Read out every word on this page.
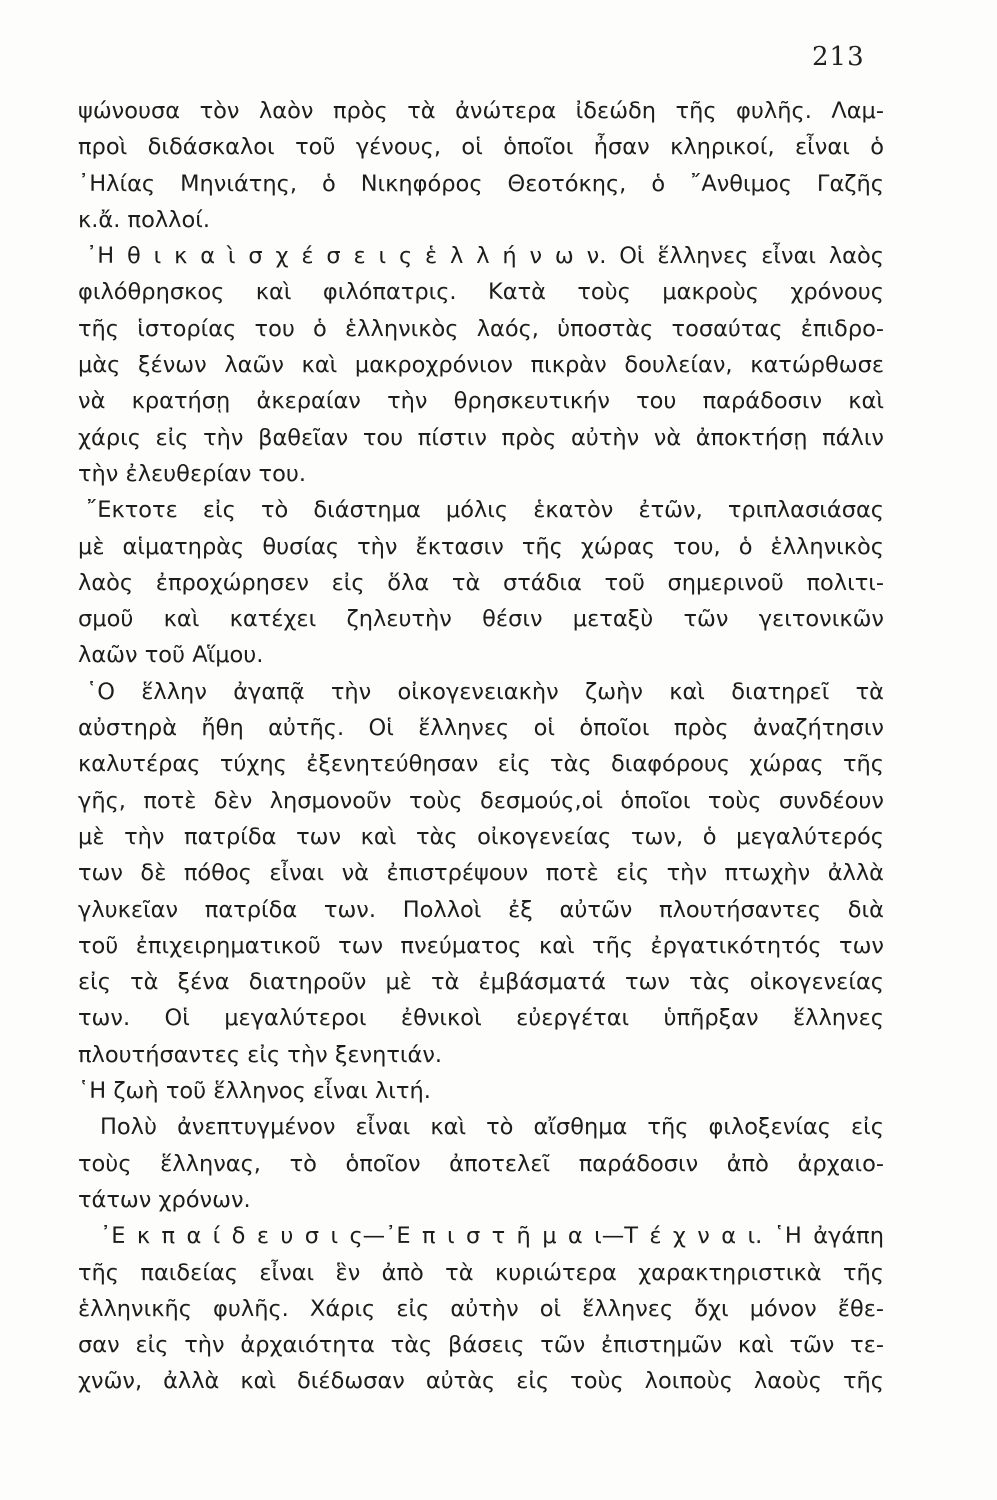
213
ψώνουσα τὸν λαὸν πρὸς τὰ ἀνώτερα ἰδεώδη τῆς φυλῆς. Λαμ-
προὶ διδάσκαλοι τοῦ γένους, οἱ ὁποῖοι ἦσαν κληρικοί, εἶναι ὁ
᾿Ηλίας Μηνιάτης, ὁ Νικηφόρος Θεοτόκης, ὁ ῎Ανθιμος Γαζῆς
κ.ἄ. πολλοί.
᾿Η θ ι κ α ὶ σ χ έ σ ε ι ς ἑ λ λ ή ν ω ν. Οἱ ἕλληνες εἶναι λαὸς
φιλόθρησκος καὶ φιλόπατρις. Κατὰ τοὺς μακροὺς χρόνους
τῆς ἱστορίας του ὁ ἑλληνικὸς λαός, ὑποστὰς τοσαύτας ἐπιδρο-
μὰς ξένων λαῶν καὶ μακροχρόνιον πικρὰν δουλείαν, κατώρθωσε
νὰ κρατήσῃ ἀκεραίαν τὴν θρησκευτικήν του παράδοσιν καὶ
χάρις εἰς τὴν βαθεῖαν του πίστιν πρὸς αὐτὴν νὰ ἀποκτήσῃ πάλιν
τὴν ἐλευθερίαν του.
῎Εκτοτε εἰς τὸ διάστημα μόλις ἑκατὸν ἐτῶν, τριπλασιάσας
μὲ αἱματηρὰς θυσίας τὴν ἔκτασιν τῆς χώρας του, ὁ ἑλληνικὸς
λαὸς ἐπροχώρησεν εἰς ὅλα τὰ στάδια τοῦ σημερινοῦ πολιτι-
σμοῦ καὶ κατέχει ζηλευτὴν θέσιν μεταξὺ τῶν γειτονικῶν
λαῶν τοῦ Αἵμου.
῾Ο ἕλλην ἀγαπᾷ τὴν οἰκογενειακὴν ζωὴν καὶ διατηρεῖ τὰ
αὐστηρὰ ἤθη αὐτῆς. Οἱ ἕλληνες οἱ ὁποῖοι πρὸς ἀναζήτησιν
καλυτέρας τύχης ἐξενητεύθησαν εἰς τὰς διαφόρους χώρας τῆς
γῆς, ποτὲ δὲν λησμονοῦν τοὺς δεσμούς,οἱ ὁποῖοι τοὺς συνδέουν
μὲ τὴν πατρίδα των καὶ τὰς οἰκογενείας των, ὁ μεγαλύτερός
των δὲ πόθος εἶναι νὰ ἐπιστρέψουν ποτὲ εἰς τὴν πτωχὴν ἀλλὰ
γλυκεῖαν πατρίδα των. Πολλοὶ ἐξ αὐτῶν πλουτήσαντες διὰ
τοῦ ἐπιχειρηματικοῦ των πνεύματος καὶ τῆς ἐργατικότητός των
εἰς τὰ ξένα διατηροῦν μὲ τὰ ἐμβάσματά των τὰς οἰκογενείας
των. Οἱ μεγαλύτεροι ἐθνικοὶ εὐεργέται ὑπῆρξαν ἕλληνες
πλουτήσαντες εἰς τὴν ξενητιάν.
῾Η ζωὴ τοῦ ἕλληνος εἶναι λιτή.
Πολὺ ἀνεπτυγμένον εἶναι καὶ τὸ αἴσθημα τῆς φιλοξενίας εἰς
τοὺς ἕλληνας, τὸ ὁποῖον ἀποτελεῖ παράδοσιν ἀπὸ ἀρχαιο-
τάτων χρόνων.
᾿Ε κ π α ί δ ε υ σ ι ς—᾿Ε π ι σ τ ῆ μ α ι—Τ έ χ ν α ι. ῾Η ἀγάπη
τῆς παιδείας εἶναι ἓν ἀπὸ τὰ κυριώτερα χαρακτηριστικὰ τῆς
ἑλληνικῆς φυλῆς. Χάρις εἰς αὐτὴν οἱ ἕλληνες ὄχι μόνον ἔθε-
σαν εἰς τὴν ἀρχαιότητα τὰς βάσεις τῶν ἐπιστημῶν καὶ τῶν τε-
χνῶν, ἀλλὰ καὶ διέδωσαν αὐτὰς εἰς τοὺς λοιποὺς λαοὺς τῆς
